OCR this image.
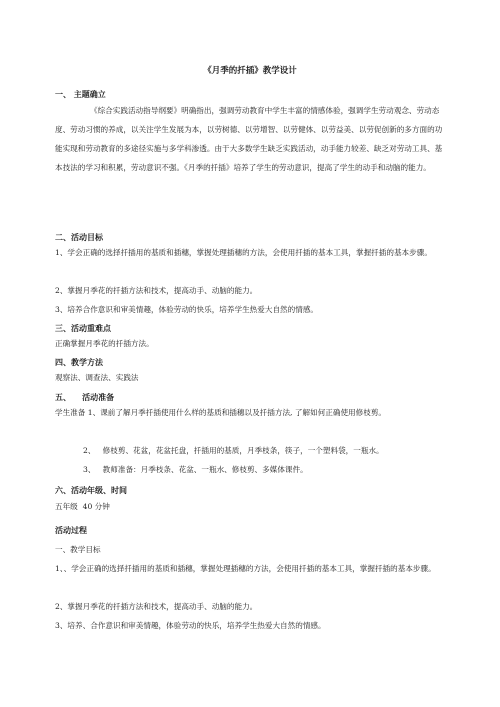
《月季的扦插》教学设计
一、 主题确立
《综合实践活动指导纲要》明确指出，强调劳动教育中学生丰富的情感体验，强调学生劳动观念、劳动态度、劳动习惯的养成，以关注学生发展为本，以劳树德、以劳增智、以劳健体、以劳益美、以劳促创新的多方面的功能实现和劳动教育的多途径实施与多学科渗透。由于大多数学生缺乏实践活动，动手能力较差、缺乏对劳动工具、基本技法的学习和积累，劳动意识不强。《月季的扦插》培养了学生的劳动意识，提高了学生的动手和动脑的能力。
二、活动目标
1、学会正确的选择扦插用的基质和插穗，掌握处理插穗的方法，会使用扦插的基本工具，掌握扦插的基本步骤。
2、掌握月季花的扦插方法和技术，提高动手、动脑的能力。
3、培养合作意识和审美情趣，体验劳动的快乐，培养学生热爱大自然的情感。
三、活动重难点
正确掌握月季花的扦插方法。
四、教学方法
观察法、调查法、实践法
五、    活动准备
学生准备 1、课前了解月季扦插使用什么样的基质和插穗以及扦插方法, 了解如何正确使用修枝剪。
2、   修枝剪、花盆，花盆托盘，扦插用的基质，月季枝条，筷子，一个塑料袋，一瓶水。
3、   教师准备：月季枝条、花盆、一瓶水、修枝剪、多媒体课件。
六、活动年级、时间
五年级  40 分钟
活动过程
一、教学目标
1、、学会正确的选择扦插用的基质和插穗，掌握处理插穗的方法，会使用扦插的基本工具，掌握扦插的基本步骤。
2、掌握月季花的扦插方法和技术，提高动手、动脑的能力。
3、培养、合作意识和审美情趣，体验劳动的快乐，培养学生热爱大自然的情感。
